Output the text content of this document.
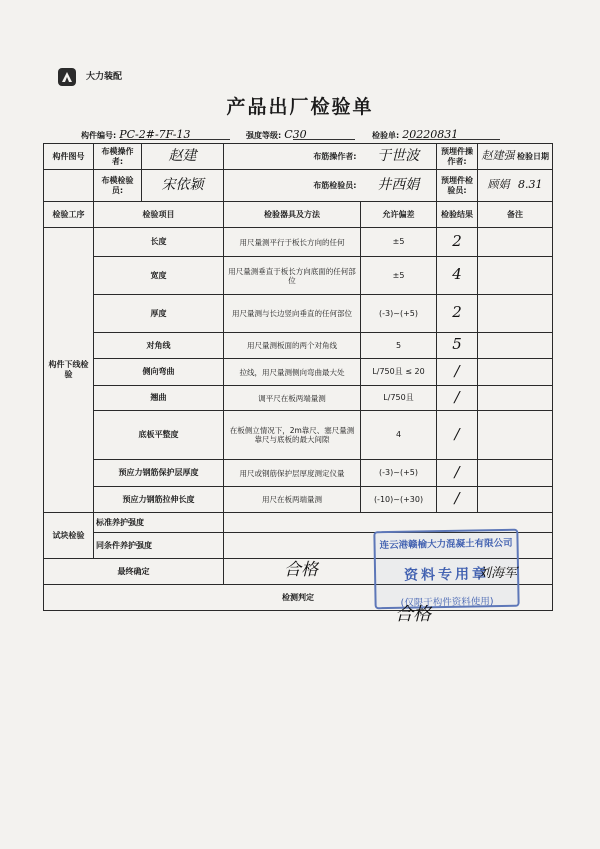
大力装配
产品出厂检验单
构件编号: PC-2#-7F-13	强度等级: C30	检验单: 20220831
构件图号	布模操作者:	赵建	布筋操作者:	于世波	预埋件操作者:	赵建强 检验日期
	布模检验员:	宋依颖	布筋检验员:	井西娟	预埋件检验员:	顾娟 8.31
检验工序	检验项目		检验器具及方法	允许偏差	检验结果	备注
构件下线检验	长度		用尺量测平行于板长方向的任何	±5	2	
	宽度		用尺量测垂直于板长方向底面的任何部位	±5	4	
	厚度		用尺量测与长边竖向垂直的任何部位	(-3)~(+5)	2	
	对角线		用尺量测板面的两个对角线	5	5	
	侧向弯曲		拉线，用尺量测侧向弯曲最大处	L/750且 ≤ 20	/	
	翘曲		调平尺在板两端量测	L/750且	/	
	底板平整度		在板侧立情况下，2m靠尺、塞尺量测靠尺与底板的最大间隙	4	/	
	预应力钢筋保护层厚度		用尺或钢筋保护层厚度测定仪量	(-3)~(+5)	/	
	预应力钢筋拉伸长度		用尺在板两端量测	(-10)~(+30)	/	
试块检验	标准养护强度					
	同条件养护强度					
最终确定			合格			
检测判定						
连云港赣榆大力混凝土有限公司
资料专用章
(仅限于构件资料使用)
刘海军
合格
